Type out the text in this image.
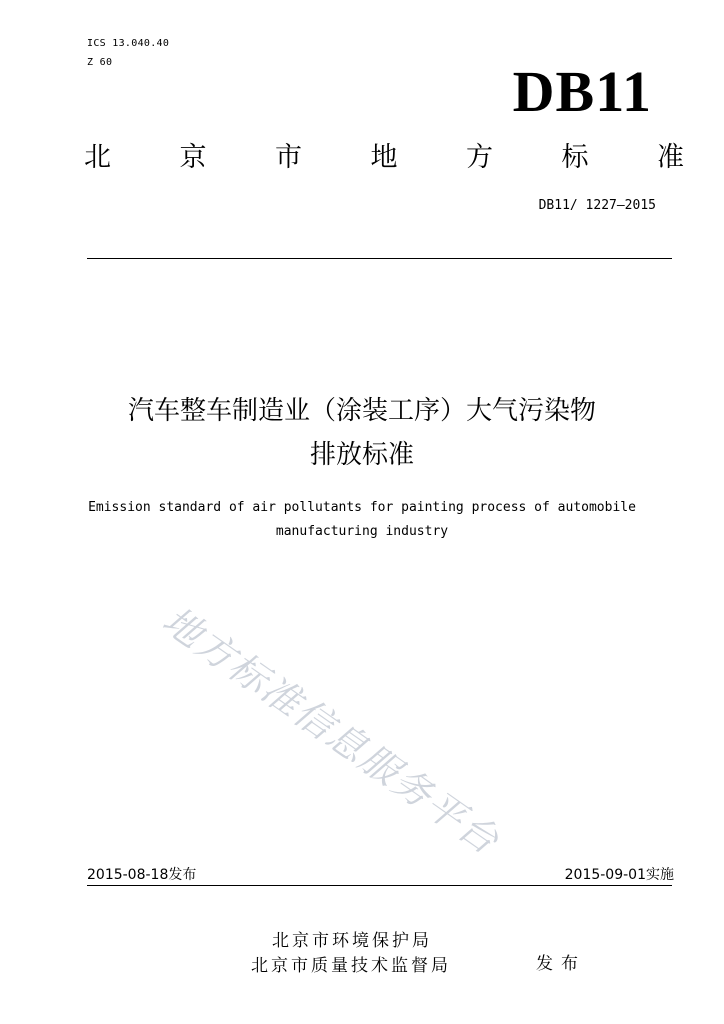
ICS 13.040.40
Z 60	DB11
北	京	市	地	方	标	准
DB11/ 1227—2015
汽车整车制造业（涂装工序）大气污染物
排放标准
Emission standard of air pollutants for painting process of automobile
manufacturing industry
地方标准信息服务平台
2015-08-18发布	2015-09-01实施
北京市环境保护局
北京市质量技术监督局	发布
